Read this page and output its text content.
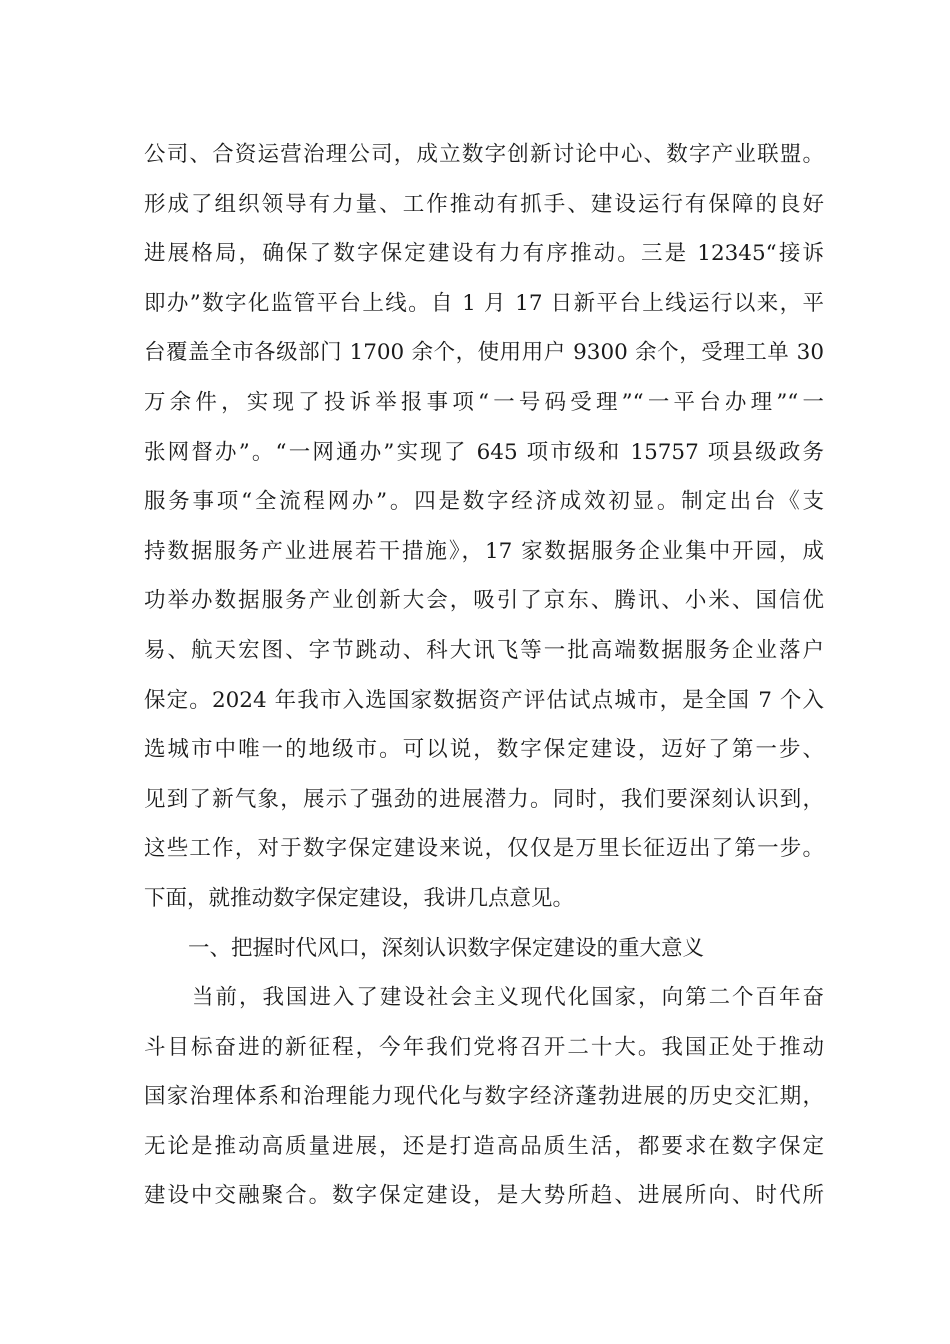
公司、合资运营治理公司，成立数字创新讨论中心、数字产业联盟。
形成了组织领导有力量、工作推动有抓手、建设运行有保障的良好
进展格局，确保了数字保定建设有力有序推动。三是 12345“接诉
即办”数字化监管平台上线。自 1 月 17 日新平台上线运行以来，平
台覆盖全市各级部门 1700 余个，使用用户 9300 余个，受理工单 30
万余件，实现了投诉举报事项“一号码受理”“一平台办理”“一
张网督办”。“一网通办”实现了 645 项市级和 15757 项县级政务
服务事项“全流程网办”。四是数字经济成效初显。制定出台《支
持数据服务产业进展若干措施》，17 家数据服务企业集中开园，成
功举办数据服务产业创新大会，吸引了京东、腾讯、小米、国信优
易、航天宏图、字节跳动、科大讯飞等一批高端数据服务企业落户
保定。2024 年我市入选国家数据资产评估试点城市，是全国 7 个入
选城市中唯一的地级市。可以说，数字保定建设，迈好了第一步、
见到了新气象，展示了强劲的进展潜力。同时，我们要深刻认识到，
这些工作，对于数字保定建设来说，仅仅是万里长征迈出了第一步。
下面，就推动数字保定建设，我讲几点意见。
一、把握时代风口，深刻认识数字保定建设的重大意义
当前，我国进入了建设社会主义现代化国家，向第二个百年奋
斗目标奋进的新征程，今年我们党将召开二十大。我国正处于推动
国家治理体系和治理能力现代化与数字经济蓬勃进展的历史交汇期，
无论是推动高质量进展，还是打造高品质生活，都要求在数字保定
建设中交融聚合。数字保定建设，是大势所趋、进展所向、时代所
